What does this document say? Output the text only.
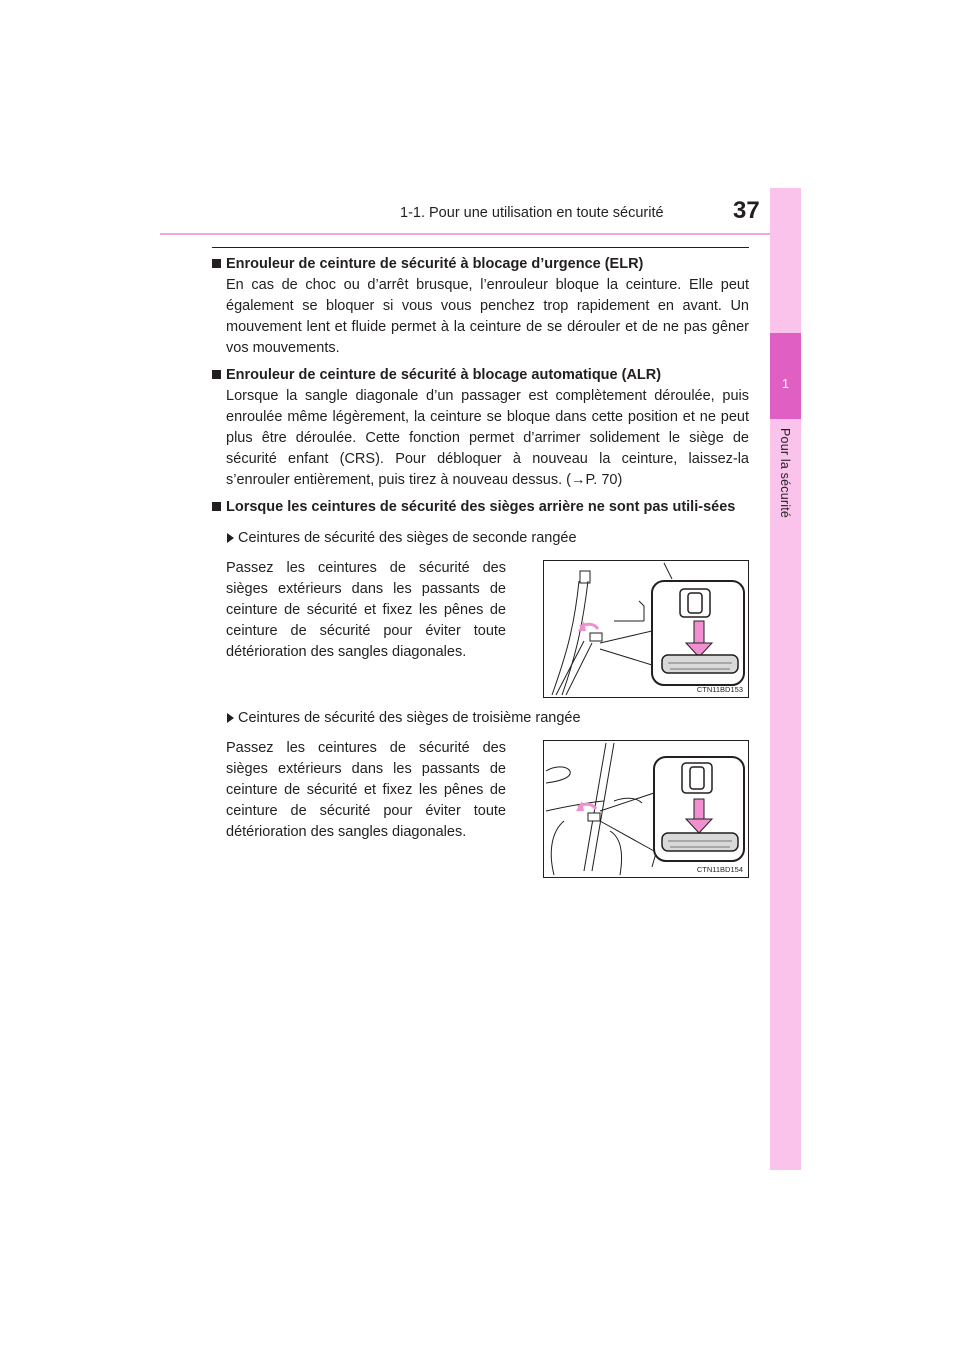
1-1. Pour une utilisation en toute sécurité	37
1
Pour la sécurité
Enrouleur de ceinture de sécurité à blocage d’urgence (ELR)
En cas de choc ou d’arrêt brusque, l’enrouleur bloque la ceinture. Elle peut également se bloquer si vous vous penchez trop rapidement en avant. Un mouvement lent et fluide permet à la ceinture de se dérouler et de ne pas gêner vos mouvements.
Enrouleur de ceinture de sécurité à blocage automatique (ALR)
Lorsque la sangle diagonale d’un passager est complètement déroulée, puis enroulée même légèrement, la ceinture se bloque dans cette position et ne peut plus être déroulée. Cette fonction permet d’arrimer solidement le siège de sécurité enfant (CRS). Pour débloquer à nouveau la ceinture, laissez-la s’enrouler entièrement, puis tirez à nouveau dessus. (→P. 70)
Lorsque les ceintures de sécurité des sièges arrière ne sont pas utili-sées
Ceintures de sécurité des sièges de seconde rangée
Passez les ceintures de sécurité des sièges extérieurs dans les passants de ceinture de sécurité et fixez les pênes de ceinture de sécurité pour éviter toute détérioration des sangles diagonales.
CTN11BD153
Ceintures de sécurité des sièges de troisième rangée
Passez les ceintures de sécurité des sièges extérieurs dans les passants de ceinture de sécurité et fixez les pênes de ceinture de sécurité pour éviter toute détérioration des sangles diagonales.
CTN11BD154
